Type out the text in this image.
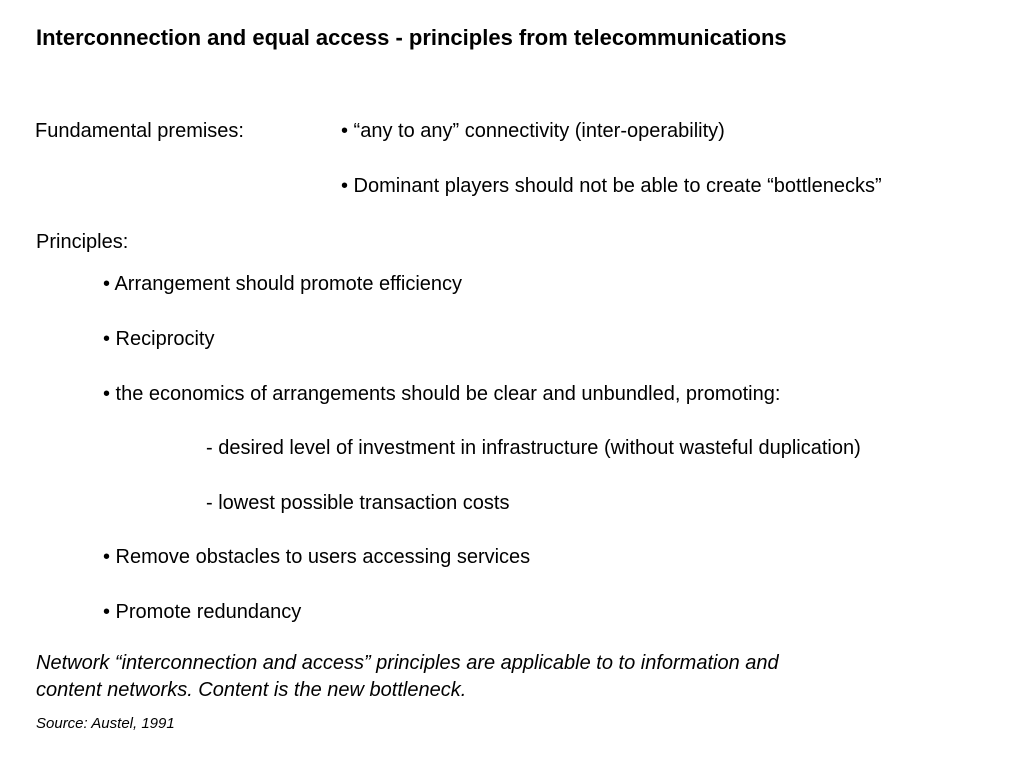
Interconnection and equal access - principles from telecommunications
Fundamental premises:	• “any to any” connectivity (inter-operability)
• Dominant players should not be able to create “bottlenecks”
Principles:
• Arrangement should promote efficiency
• Reciprocity
• the economics of arrangements should be clear and unbundled, promoting:
- desired level of investment in infrastructure (without wasteful duplication)
- lowest possible transaction costs
• Remove obstacles to users accessing services
• Promote redundancy
Network “interconnection and access” principles are applicable to to information and
content networks. Content is the new bottleneck.
Source: Austel, 1991
